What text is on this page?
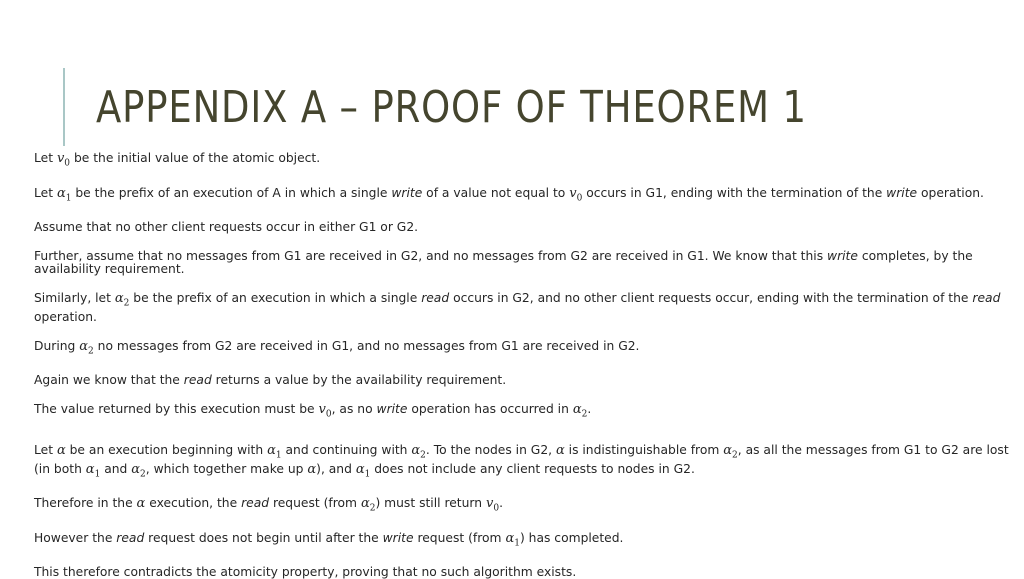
APPENDIX A – PROOF OF THEOREM 1

Let $v_0$ be the initial value of the atomic object.

Let $\alpha_1$ be the prefix of an execution of A in which a single write of a value not equal to $v_0$ occurs in G1, ending with the termination of the write operation.

Assume that no other client requests occur in either G1 or G2.

Further, assume that no messages from G1 are received in G2, and no messages from G2 are received in G1. We know that this write completes, by the availability requirement.

Similarly, let $\alpha_2$ be the prefix of an execution in which a single read occurs in G2, and no other client requests occur, ending with the termination of the read operation.

During $\alpha_2$ no messages from G2 are received in G1, and no messages from G1 are received in G2.

Again we know that the read returns a value by the availability requirement.

The value returned by this execution must be $v_0$, as no write operation has occurred in $\alpha_2$.

Let α be an execution beginning with $\alpha_1$ and continuing with $\alpha_2$. To the nodes in G2, α is indistinguishable from $\alpha_2$, as all the messages from G1 to G2 are lost (in both $\alpha_1$ and $\alpha_2$, which together make up α), and $\alpha_1$ does not include any client requests to nodes in G2.

Therefore in the α execution, the read request (from $\alpha_2$) must still return $v_0$.

However the read request does not begin until after the write request (from $\alpha_1$) has completed.

This therefore contradicts the atomicity property, proving that no such algorithm exists.
